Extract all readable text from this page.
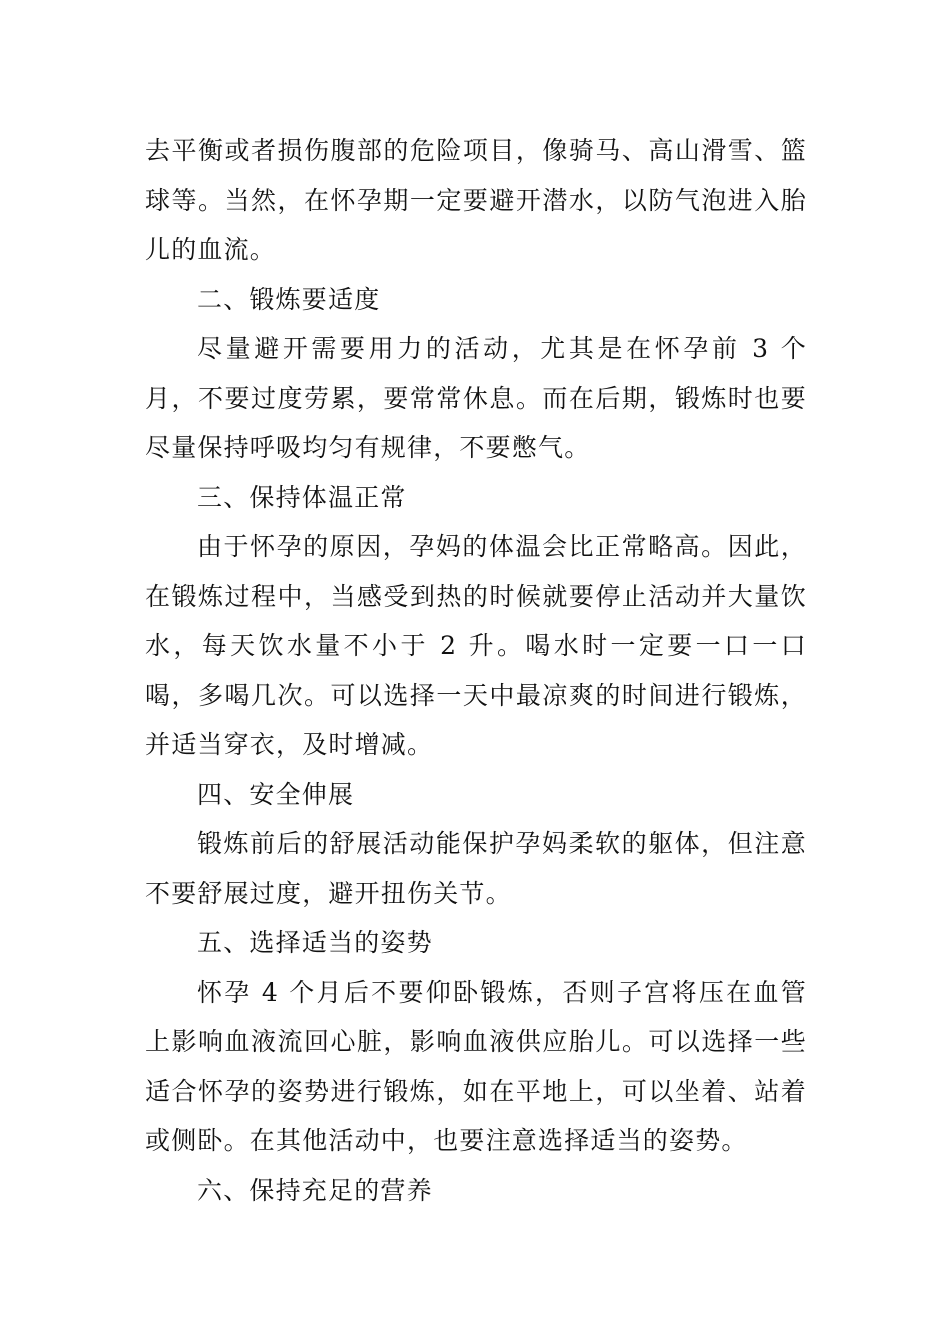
去平衡或者损伤腹部的危险项目，像骑马、高山滑雪、篮球等。当然，在怀孕期一定要避开潜水，以防气泡进入胎儿的血流。

二、锻炼要适度

尽量避开需要用力的活动，尤其是在怀孕前 3 个月，不要过度劳累，要常常休息。而在后期，锻炼时也要尽量保持呼吸均匀有规律，不要憋气。

三、保持体温正常

由于怀孕的原因，孕妈的体温会比正常略高。因此，在锻炼过程中，当感受到热的时候就要停止活动并大量饮水，每天饮水量不小于 2 升。喝水时一定要一口一口喝，多喝几次。可以选择一天中最凉爽的时间进行锻炼，并适当穿衣，及时增减。

四、安全伸展

锻炼前后的舒展活动能保护孕妈柔软的躯体，但注意不要舒展过度，避开扭伤关节。

五、选择适当的姿势

怀孕 4 个月后不要仰卧锻炼，否则子宫将压在血管上影响血液流回心脏，影响血液供应胎儿。可以选择一些适合怀孕的姿势进行锻炼，如在平地上，可以坐着、站着或侧卧。在其他活动中，也要注意选择适当的姿势。

六、保持充足的营养
